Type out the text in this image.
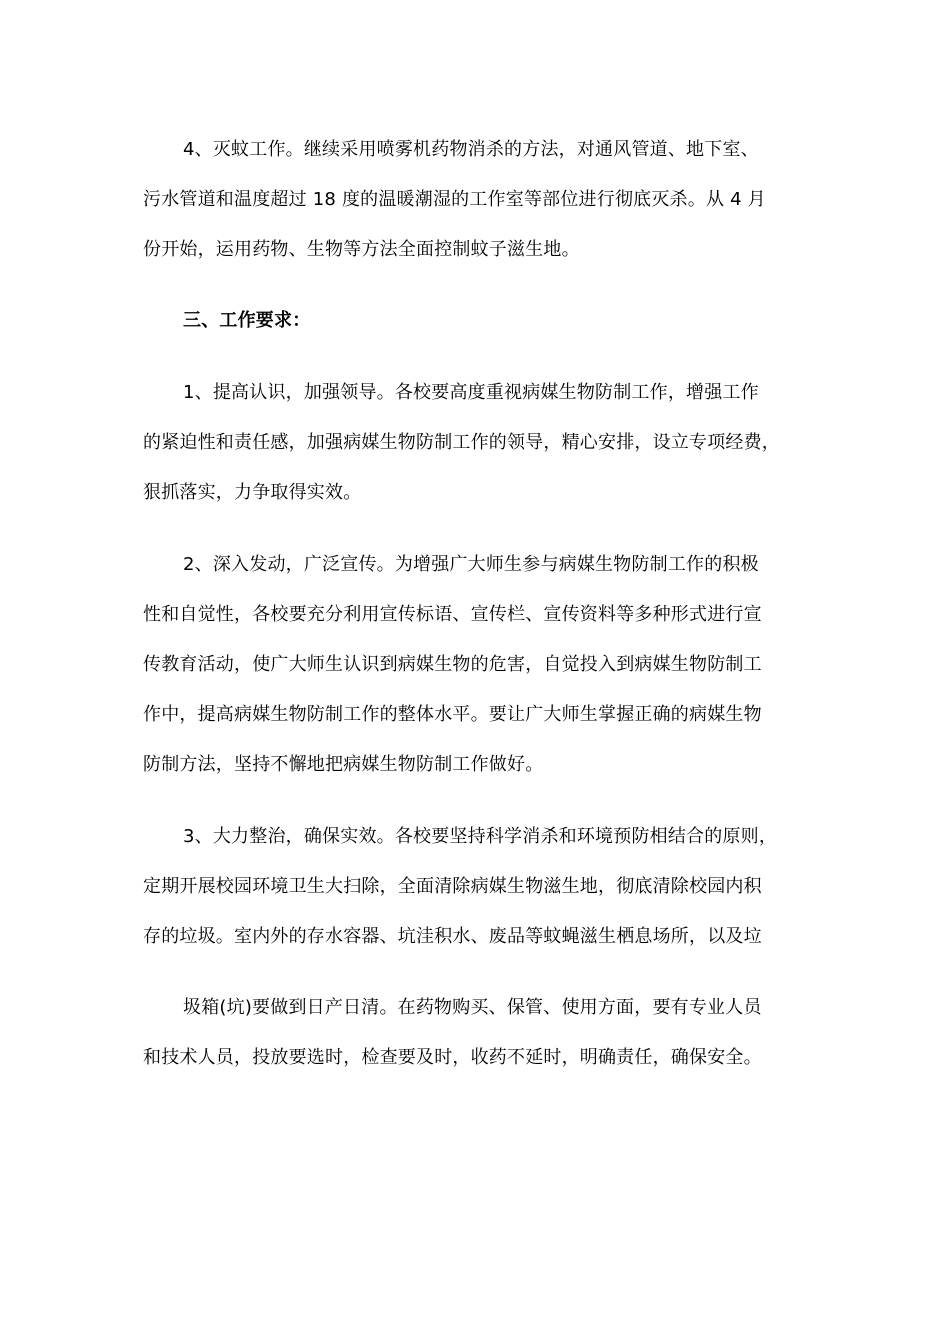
4、灭蚊工作。继续采用喷雾机药物消杀的方法，对通风管道、地下室、
污水管道和温度超过 18 度的温暖潮湿的工作室等部位进行彻底灭杀。从 4 月
份开始，运用药物、生物等方法全面控制蚊子滋生地。
三、工作要求：
1、提高认识，加强领导。各校要高度重视病媒生物防制工作，增强工作
的紧迫性和责任感，加强病媒生物防制工作的领导，精心安排，设立专项经费，
狠抓落实，力争取得实效。
2、深入发动，广泛宣传。为增强广大师生参与病媒生物防制工作的积极
性和自觉性，各校要充分利用宣传标语、宣传栏、宣传资料等多种形式进行宣
传教育活动，使广大师生认识到病媒生物的危害，自觉投入到病媒生物防制工
作中，提高病媒生物防制工作的整体水平。要让广大师生掌握正确的病媒生物
防制方法，坚持不懈地把病媒生物防制工作做好。
3、大力整治，确保实效。各校要坚持科学消杀和环境预防相结合的原则，
定期开展校园环境卫生大扫除，全面清除病媒生物滋生地，彻底清除校园内积
存的垃圾。室内外的存水容器、坑洼积水、废品等蚊蝇滋生栖息场所，以及垃
圾箱(坑)要做到日产日清。在药物购买、保管、使用方面，要有专业人员
和技术人员，投放要选时，检查要及时，收药不延时，明确责任，确保安全。
